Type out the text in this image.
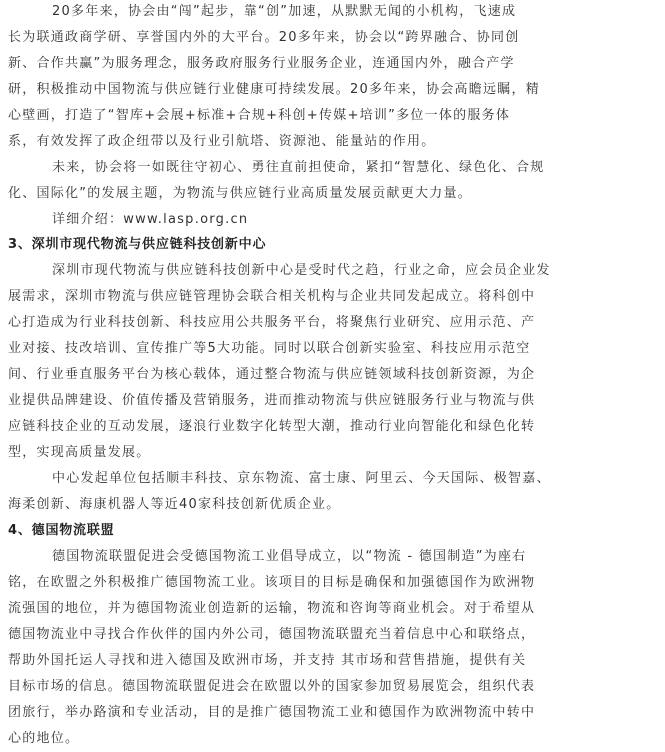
20多年来，协会由“闯”起步，靠“创”加速，从默默无闻的小机构，飞速成
长为联通政商学研、享誉国内外的大平台。20多年来，协会以“跨界融合、协同创
新、合作共赢”为服务理念，服务政府服务行业服务企业，连通国内外，融合产学
研，积极推动中国物流与供应链行业健康可持续发展。20多年来，协会高瞻远瞩，精
心壁画，打造了“智库+会展+标准+合规+科创+传媒+培训”多位一体的服务体
系，有效发挥了政企纽带以及行业引航塔、资源池、能量站的作用。
未来，协会将一如既往守初心、勇往直前担使命，紧扣“智慧化、绿色化、合规
化、国际化”的发展主题，为物流与供应链行业高质量发展贡献更大力量。
详细介绍：www.lasp.org.cn
3、深圳市现代物流与供应链科技创新中心
深圳市现代物流与供应链科技创新中心是受时代之趋，行业之命，应会员企业发
展需求，深圳市物流与供应链管理协会联合相关机构与企业共同发起成立。将科创中
心打造成为行业科技创新、科技应用公共服务平台，将聚焦行业研究、应用示范、产
业对接、技改培训、宣传推广等5大功能。同时以联合创新实验室、科技应用示范空
间、行业垂直服务平台为核心载体，通过整合物流与供应链领域科技创新资源，为企
业提供品牌建设、价值传播及营销服务，进而推动物流与供应链服务行业与物流与供
应链科技企业的互动发展，逐浪行业数字化转型大潮，推动行业向智能化和绿色化转
型，实现高质量发展。
中心发起单位包括顺丰科技、京东物流、富士康、阿里云、今天国际、极智嘉、
海柔创新、海康机器人等近40家科技创新优质企业。
4、德国物流联盟
德国物流联盟促进会受德国物流工业倡导成立，以“物流 - 德国制造”为座右
铭，在欧盟之外积极推广德国物流工业。该项目的目标是确保和加强德国作为欧洲物
流强国的地位，并为德国物流业创造新的运输，物流和咨询等商业机会。对于希望从
德国物流业中寻找合作伙伴的国内外公司，德国物流联盟充当着信息中心和联络点，
帮助外国托运人寻找和进入德国及欧洲市场，并支持 其市场和营售措施，提供有关
目标市场的信息。德国物流联盟促进会在欧盟以外的国家参加贸易展览会，组织代表
团旅行，举办路演和专业活动，目的是推广德国物流工业和德国作为欧洲物流中转中
心的地位。
